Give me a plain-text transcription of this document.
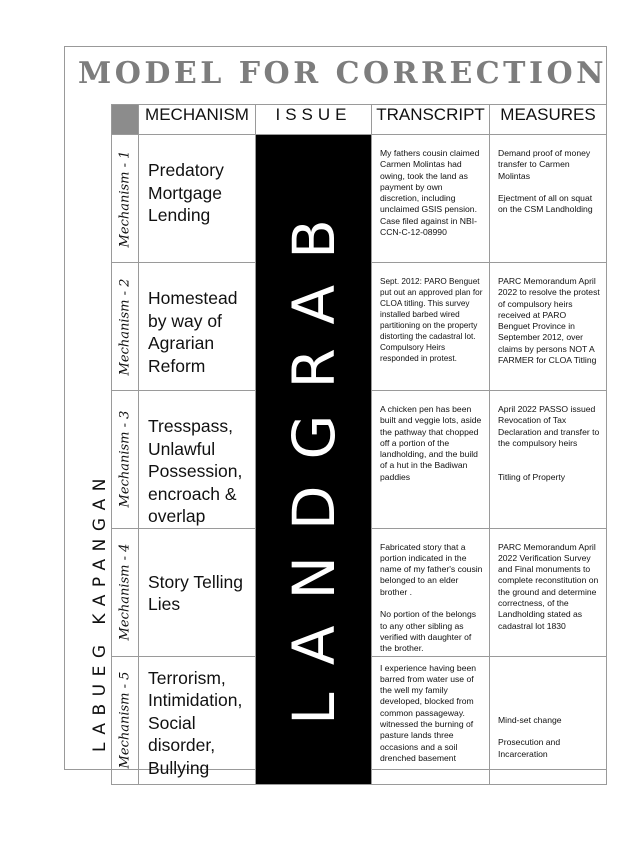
MODEL FOR CORRECTION
LABUEG KAPANGAN
	MECHANISM	ISSUE	TRANSCRIPT	MEASURES

Mechanism - 1	Predatory Mortgage Lending	LANDGRAB	My fathers cousin claimed Carmen Molintas had owing, took the land as payment by own discretion, including unclaimed GSIS pension. Case filed against in NBI-CCN-C-12-08990	Demand proof of money transfer to Carmen Molintas

Ejectment of all on squat on the CSM Landholding

Mechanism - 2	Homestead by way of Agrarian Reform		Sept. 2012: PARO Benguet put out an approved plan for CLOA titling. This survey installed barbed wired partitioning on the property distorting the cadastral lot. Compulsory Heirs responded in protest.	PARC Memorandum April 2022 to resolve the protest of compulsory heirs received at PARO Benguet Province in September 2012, over claims by persons NOT A FARMER for CLOA Titling

Mechanism - 3	Tresspass, Unlawful Possession, encroach & overlap		A chicken pen has been built and veggie lots, aside the pathway that chopped off a portion of the landholding, and the build of a hut in the Badiwan paddies	April 2022 PASSO issued Revocation of Tax Declaration and transfer to the compulsory heirs

Titling of Property

Mechanism - 4	Story Telling Lies		Fabricated story that a portion indicated in the name of my father's cousin belonged to an elder brother .

No portion of the belongs to any other sibling as verified with daughter of the brother.	PARC Memorandum April 2022 Verification Survey and Final monuments to complete reconstitution on the ground and determine correctness, of the Landholding stated as cadastral lot 1830

Mechanism - 5	Terrorism, Intimidation, Social disorder, Bullying		I experience having been barred from water use of the well my family developed, blocked from common passageway.
witnessed the burning of pasture lands three occasions and a soil drenched basement	

Mind-set change

Prosecution and Incarceration
